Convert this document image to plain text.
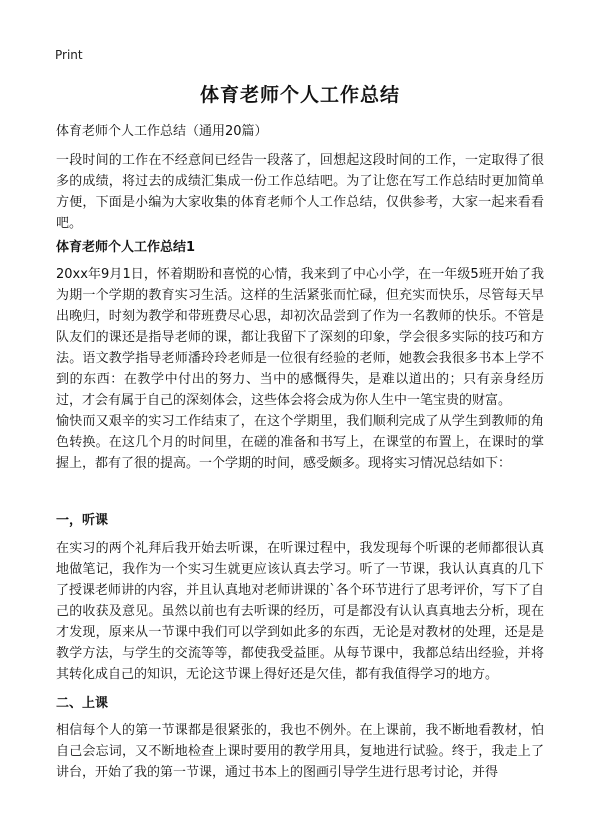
Print
体育老师个人工作总结
体育老师个人工作总结（通用20篇）

一段时间的工作在不经意间已经告一段落了，回想起这段时间的工作，一定取得了很多的成绩，将过去的成绩汇集成一份工作总结吧。为了让您在写工作总结时更加简单方便，下面是小编为大家收集的体育老师个人工作总结，仅供参考，大家一起来看看吧。

体育老师个人工作总结1

20xx年9月1日，怀着期盼和喜悦的心情，我来到了中心小学，在一年级5班开始了我为期一个学期的教育实习生活。这样的生活紧张而忙碌，但充实而快乐，尽管每天早出晚归，时刻为教学和带班费尽心思，却初次品尝到了作为一名教师的快乐。不管是队友们的课还是指导老师的课，都让我留下了深刻的印象，学会很多实际的技巧和方法。语文教学指导老师潘玲玲老师是一位很有经验的老师，她教会我很多书本上学不到的东西：在教学中付出的努力、当中的感慨得失，是难以道出的；只有亲身经历过，才会有属于自己的深刻体会，这些体会将会成为你人生中一笔宝贵的财富。

愉快而又艰辛的实习工作结束了，在这个学期里，我们顺利完成了从学生到教师的角色转换。在这几个月的时间里，在磋的准备和书写上，在课堂的布置上，在课时的掌握上，都有了很的提高。一个学期的时间，感受颇多。现将实习情况总结如下：

一，听课

在实习的两个礼拜后我开始去听课，在听课过程中，我发现每个听课的老师都很认真地做笔记，我作为一个实习生就更应该认真去学习。听了一节课，我认认真真的几下了授课老师讲的内容，并且认真地对老师讲课的`各个环节进行了思考评价，写下了自己的收获及意见。虽然以前也有去听课的经历，可是都没有认认真真地去分析，现在才发现，原来从一节课中我们可以学到如此多的东西，无论是对教材的处理，还是是教学方法，与学生的交流等等，都使我受益匪。从每节课中，我都总结出经验，并将其转化成自己的知识，无论这节课上得好还是欠佳，都有我值得学习的地方。

二、上课

相信每个人的第一节课都是很紧张的，我也不例外。在上课前，我不断地看教材，怕自己会忘词，又不断地检查上课时要用的教学用具，复地进行试验。终于，我走上了讲台，开始了我的第一节课，通过书本上的图画引导学生进行思考讨论，并得
